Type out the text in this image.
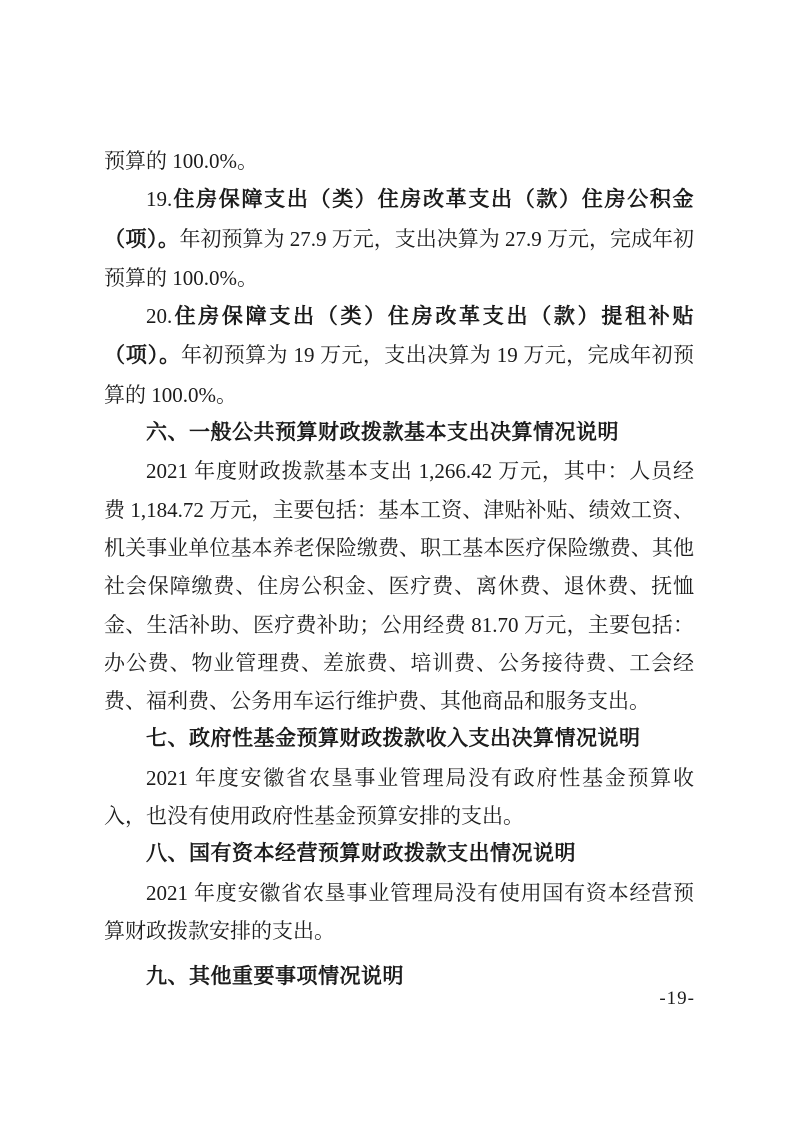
预算的 100.0%。

19.住房保障支出（类）住房改革支出（款）住房公积金（项）。年初预算为 27.9 万元，支出决算为 27.9 万元，完成年初预算的 100.0%。

20.住房保障支出（类）住房改革支出（款）提租补贴（项）。年初预算为 19 万元，支出决算为 19 万元，完成年初预算的 100.0%。

六、一般公共预算财政拨款基本支出决算情况说明

2021 年度财政拨款基本支出 1,266.42 万元，其中：人员经费 1,184.72 万元，主要包括：基本工资、津贴补贴、绩效工资、机关事业单位基本养老保险缴费、职工基本医疗保险缴费、其他社会保障缴费、住房公积金、医疗费、离休费、退休费、抚恤金、生活补助、医疗费补助；公用经费 81.70 万元，主要包括：办公费、物业管理费、差旅费、培训费、公务接待费、工会经费、福利费、公务用车运行维护费、其他商品和服务支出。

七、政府性基金预算财政拨款收入支出决算情况说明

2021 年度安徽省农垦事业管理局没有政府性基金预算收入，也没有使用政府性基金预算安排的支出。

八、国有资本经营预算财政拨款支出情况说明

2021 年度安徽省农垦事业管理局没有使用国有资本经营预算财政拨款安排的支出。

九、其他重要事项情况说明

-19-
